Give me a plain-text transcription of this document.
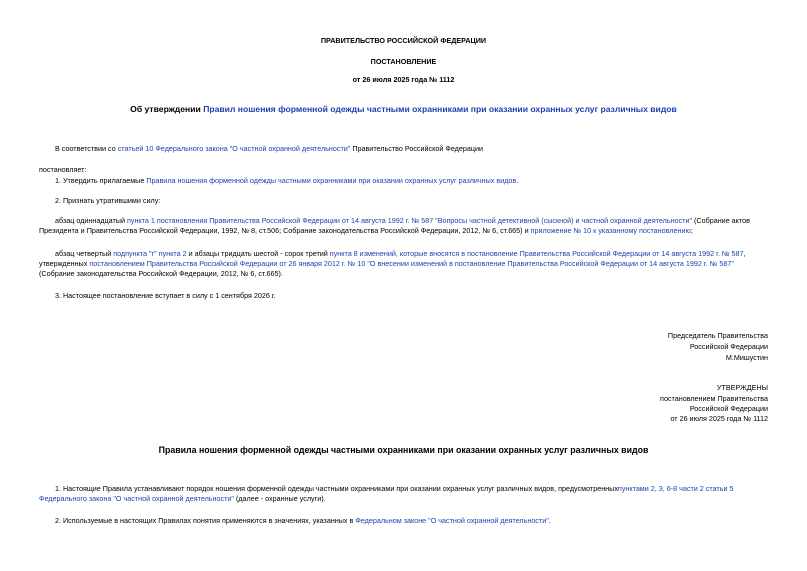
ПРАВИТЕЛЬСТВО РОССИЙСКОЙ ФЕДЕРАЦИИ
ПОСТАНОВЛЕНИЕ
от 26 июля 2025 года № 1112
Об утверждении Правил ношения форменной одежды частными охранниками при оказании охранных услуг различных видов
В соответствии со статьей 10 Федерального закона "О частной охранной деятельности" Правительство Российской Федерации
постановляет:
1. Утвердить прилагаемые Правила ношения форменной одежды частными охранниками при оказании охранных услуг различных видов.
2. Признать утратившими силу:
абзац одиннадцатый пункта 1 постановления Правительства Российской Федерации от 14 августа 1992 г. № 587 "Вопросы частной детективной (сыскной) и частной охранной деятельности" (Собрание актов
Президента и Правительства Российской Федерации, 1992, № 8, ст.506; Собрание законодательства Российской Федерации, 2012, № 6, ст.665) и приложение № 10 к указанному постановлению;
абзац четвертый подпункта "г" пункта 2 и абзацы тридцать шестой - сорок третий пункта 8 изменений, которые вносятся в постановление Правительства Российской Федерации от 14 августа 1992 г. № 587,
утвержденных постановлением Правительства Российской Федерации от 26 января 2012 г. № 10 "О внесении изменений в постановление Правительства Российской Федерации от 14 августа 1992 г. № 587"
(Собрание законодательства Российской Федерации, 2012, № 6, ст.665).
3. Настоящее постановление вступает в силу с 1 сентября 2026 г.
Председатель Правительства
Российской Федерации
М.Мишустин
УТВЕРЖДЕНЫ
постановлением Правительства
Российской Федерации
от 26 июля 2025 года № 1112
Правила ношения форменной одежды частными охранниками при оказании охранных услуг различных видов
1. Настоящие Правила устанавливают порядок ношения форменной одежды частными охранниками при оказании охранных услуг различных видов, предусмотренныхпунктами 2, 3, 6-8 части 2 статьи 5
Федерального закона "О частной охранной деятельности" (далее - охранные услуги).
2. Используемые в настоящих Правилах понятия применяются в значениях, указанных в Федеральном законе "О частной охранной деятельности".
